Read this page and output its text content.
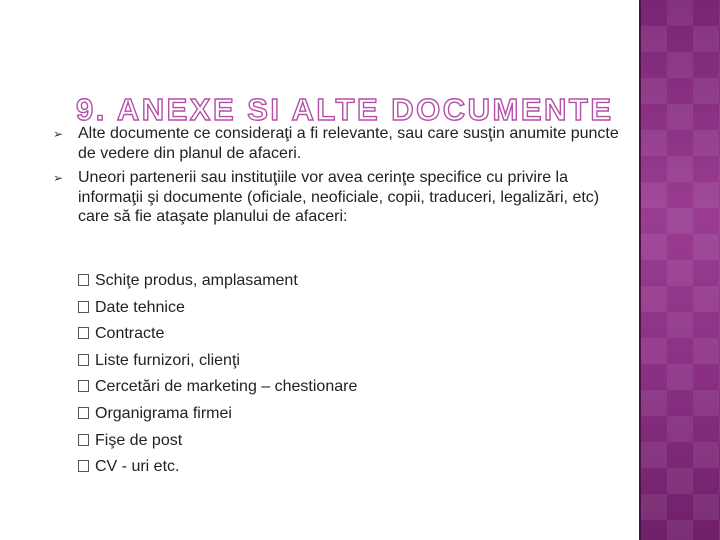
9. ANEXE SI ALTE DOCUMENTE
➢ Alte documente ce consideraţi a fi relevante, sau care susţin anumite puncte de vedere din planul de afaceri.
➢ Uneori partenerii sau instituţiile vor avea cerinţe specifice cu privire la informaţii şi documente (oficiale, neoficiale, copii, traduceri, legalizări, etc) care să fie ataşate planului de afaceri:
Schiţe produs, amplasament
Date tehnice
Contracte
Liste furnizori, clienţi
Cercetări de marketing – chestionare
Organigrama firmei
Fişe de post
CV - uri etc.
